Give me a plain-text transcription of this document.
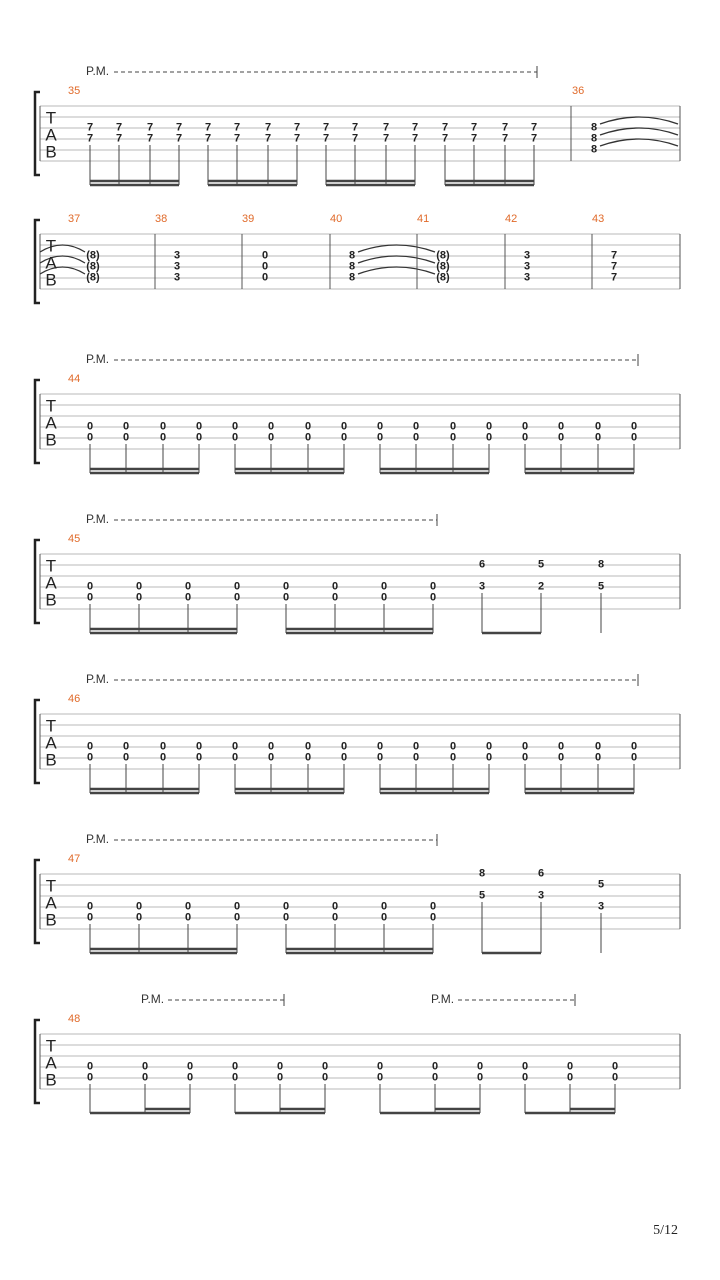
T
A
B
35	36
P.M.
7
7
7
7
7
7
7
7
7
7
7
7
7
7
7
7
7
7
7
7
7
7
7
7
7
7
7
7
7
7
7
7
8
8
8
T
A
B
37	38	39	40	41	42	43
(8)
(8)
(8)
3
3
3
0
0
0
8
8
8
(8)
(8)
(8)
3
3
3
7
7
7
T
A
B
44
P.M.
0
0
0
0
0
0
0
0
0
0
0
0
0
0
0
0
0
0
0
0
0
0
0
0
0
0
0
0
0
0
0
0
T
A
B
45
P.M.
0
0
0
0
0
0
0
0
0
0
0
0
0
0
0
0
6
3
5
2
8
5
T
A
B
46
P.M.
0
0
0
0
0
0
0
0
0
0
0
0
0
0
0
0
0
0
0
0
0
0
0
0
0
0
0
0
0
0
0
0
T
A
B
47
P.M.
0
0
0
0
0
0
0
0
0
0
0
0
0
0
0
0
8
5
6
3
5
3
T
A
B
48
P.M.	P.M.
0
0
0
0
0
0
0
0
0
0
0
0
0
0
0
0
0
0
0
0
0
0
0
0
5/12
